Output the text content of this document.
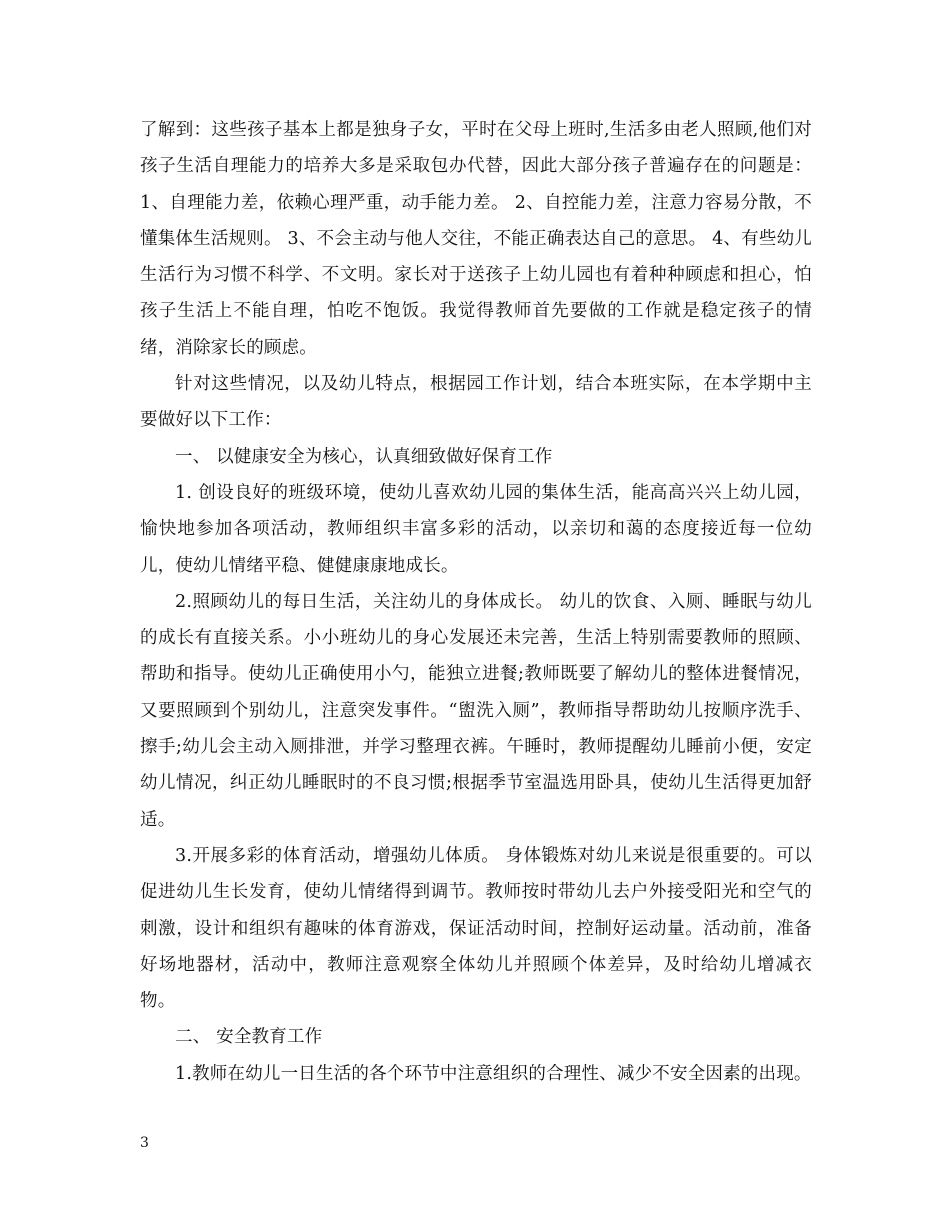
了解到：这些孩子基本上都是独身子女，平时在父母上班时,生活多由老人照顾,他们对孩子生活自理能力的培养大多是采取包办代替，因此大部分孩子普遍存在的问题是：1、自理能力差，依赖心理严重，动手能力差。 2、自控能力差，注意力容易分散，不懂集体生活规则。 3、不会主动与他人交往，不能正确表达自己的意思。 4、有些幼儿生活行为习惯不科学、不文明。家长对于送孩子上幼儿园也有着种种顾虑和担心，怕孩子生活上不能自理，怕吃不饱饭。我觉得教师首先要做的工作就是稳定孩子的情绪，消除家长的顾虑。

针对这些情况，以及幼儿特点，根据园工作计划，结合本班实际，在本学期中主要做好以下工作：

一、 以健康安全为核心，认真细致做好保育工作

1. 创设良好的班级环境，使幼儿喜欢幼儿园的集体生活，能高高兴兴上幼儿园，愉快地参加各项活动，教师组织丰富多彩的活动，以亲切和蔼的态度接近每一位幼儿，使幼儿情绪平稳、健健康康地成长。

2.照顾幼儿的每日生活，关注幼儿的身体成长。 幼儿的饮食、入厕、睡眠与幼儿的成长有直接关系。小小班幼儿的身心发展还未完善，生活上特别需要教师的照顾、帮助和指导。使幼儿正确使用小勺，能独立进餐;教师既要了解幼儿的整体进餐情况，又要照顾到个别幼儿，注意突发事件。“盥洗入厕”，教师指导帮助幼儿按顺序洗手、擦手;幼儿会主动入厕排泄，并学习整理衣裤。午睡时，教师提醒幼儿睡前小便，安定幼儿情况，纠正幼儿睡眠时的不良习惯;根据季节室温选用卧具，使幼儿生活得更加舒适。

3.开展多彩的体育活动，增强幼儿体质。 身体锻炼对幼儿来说是很重要的。可以促进幼儿生长发育，使幼儿情绪得到调节。教师按时带幼儿去户外接受阳光和空气的刺激，设计和组织有趣味的体育游戏，保证活动时间，控制好运动量。活动前，准备好场地器材，活动中，教师注意观察全体幼儿并照顾个体差异，及时给幼儿增减衣物。

二、 安全教育工作

1.教师在幼儿一日生活的各个环节中注意组织的合理性、减少不安全因素的出现。

3
